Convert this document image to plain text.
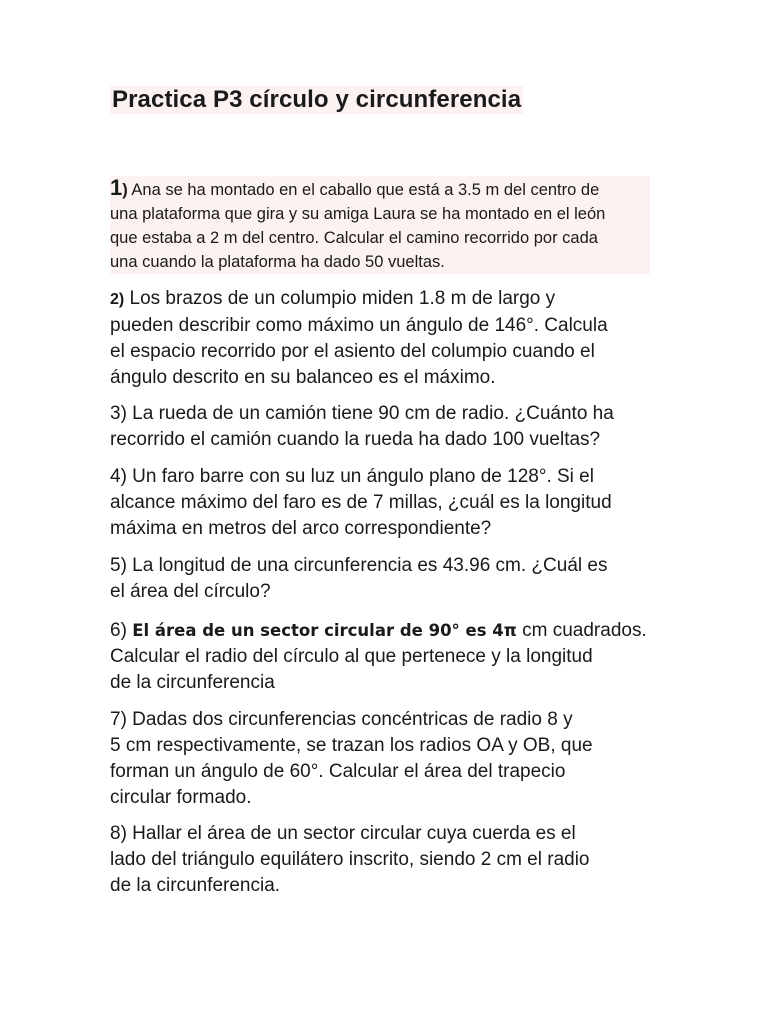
Practica P3 círculo y circunferencia
1) Ana se ha montado en el caballo que está a 3.5 m del centro de
una plataforma que gira y su amiga Laura se ha montado en el león
que estaba a 2 m del centro. Calcular el camino recorrido por cada
una cuando la plataforma ha dado 50 vueltas.
2) Los brazos de un columpio miden 1.8 m de largo y
pueden describir como máximo un ángulo de 146°. Calcula
el espacio recorrido por el asiento del columpio cuando el
ángulo descrito en su balanceo es el máximo.
3) La rueda de un camión tiene 90 cm de radio. ¿Cuánto ha
recorrido el camión cuando la rueda ha dado 100 vueltas?
4) Un faro barre con su luz un ángulo plano de 128°. Si el
alcance máximo del faro es de 7 millas, ¿cuál es la longitud
máxima en metros del arco correspondiente?
5) La longitud de una circunferencia es 43.96 cm. ¿Cuál es
el área del círculo?
6) El área de un sector circular de 90° es 4π cm cuadrados.
Calcular el radio del círculo al que pertenece y la longitud
de la circunferencia
7) Dadas dos circunferencias concéntricas de radio 8 y
5 cm respectivamente, se trazan los radios OA y OB, que
forman un ángulo de 60°. Calcular el área del trapecio
circular formado.
8) Hallar el área de un sector circular cuya cuerda es el
lado del triángulo equilátero inscrito, siendo 2 cm el radio
de la circunferencia.
